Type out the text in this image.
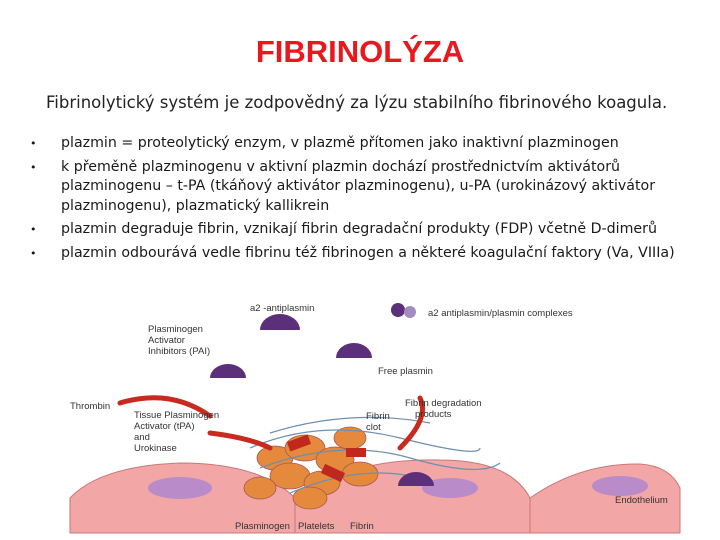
FIBRINOLÝZA
Fibrinolytický systém je zodpovědný za lýzu stabilního fibrinového koagula.
• plazmin = proteolytický enzym, v plazmě přítomen jako inaktivní plazminogen
• k přeměně plazminogenu v aktivní plazmin dochází prostřednictvím aktivátorů plazminogenu – t-PA (tkáňový aktivátor plazminogenu), u-PA (urokinázový aktivátor plazminogenu), plazmatický kallikrein
• plazmin degraduje fibrin, vznikají fibrin degradační produkty (FDP) včetně D-dimerů
• plazmin odbourává vedle fibrinu též fibrinogen a některé koagulační faktory (Va, VIIIa)
a2 -antiplasmin	a2 antiplasmin/plasmin complexes
Plasminogen
Activator
Inhibitors (PAI)
Free plasmin
Thrombin
Tissue Plasminogen
Activator (tPA)
and
Urokinase
Fibrin
clot
Fibrin degradation
products
Plasminogen Platelets Fibrin
Endothelium
